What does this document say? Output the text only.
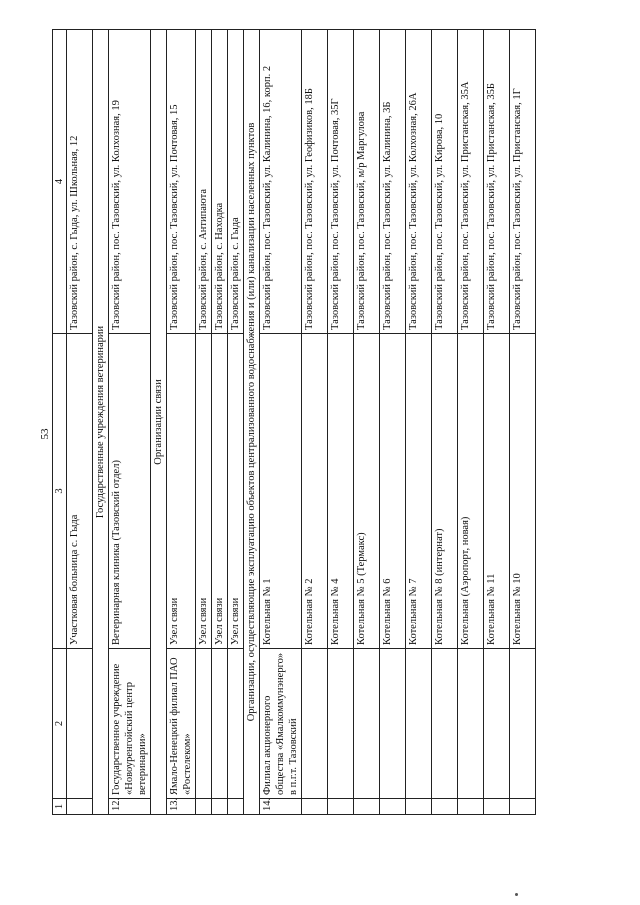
53
1	2	3	4
		Участковая больница с. Гыда	Тазовский район, с. Гыда, ул. Школьная, 12
Государственные учреждения ветеринарии			
12.	Государственное учреждение «Новоуренгойский центр ветеринарии»	Ветеринарная клиника (Тазовский отдел)	Тазовский район, пос. Тазовский, ул. Колхозная, 19
Организации связи			
13.	Ямало-Ненецкий филиал ПАО «Ростелеком»	Узел связи	Тазовский район, пос. Тазовский, ул. Почтовая, 15
		Узел связи	Тазовский район, с. Антипаюта
		Узел связи	Тазовский район, с. Находка
		Узел связи	Тазовский район, с. Гыда
Организации, осуществляющие эксплуатацию объектов централизованного водоснабжения и (или) канализации населенных пунктов			
14.	Филиал акционерного общества «Ямалкоммунэнерго» в п.г.т. Тазовский	Котельная № 1	Тазовский район, пос. Тазовский, ул. Калинина, 16, корп. 2
		Котельная № 2	Тазовский район, пос. Тазовский, ул. Геофизиков, 18Б
		Котельная № 4	Тазовский район, пос. Тазовский, ул. Почтовая, 35Г
		Котельная № 5 (Термакс)	Тазовский район, пос. Тазовский, м/р Маргулова
		Котельная № 6	Тазовский район, пос. Тазовский, ул. Калинина, 3Б
		Котельная № 7	Тазовский район, пос. Тазовский, ул. Колхозная, 26А
		Котельная № 8 (интернат)	Тазовский район, пос. Тазовский, ул. Кирова, 10
		Котельная (Аэропорт, новая)	Тазовский район, пос. Тазовский, ул. Пристанская, 35А
		Котельная № 11	Тазовский район, пос. Тазовский, ул. Пристанская, 35Б
		Котельная № 10	Тазовский район, пос. Тазовский, ул. Пристанская, 1Г
